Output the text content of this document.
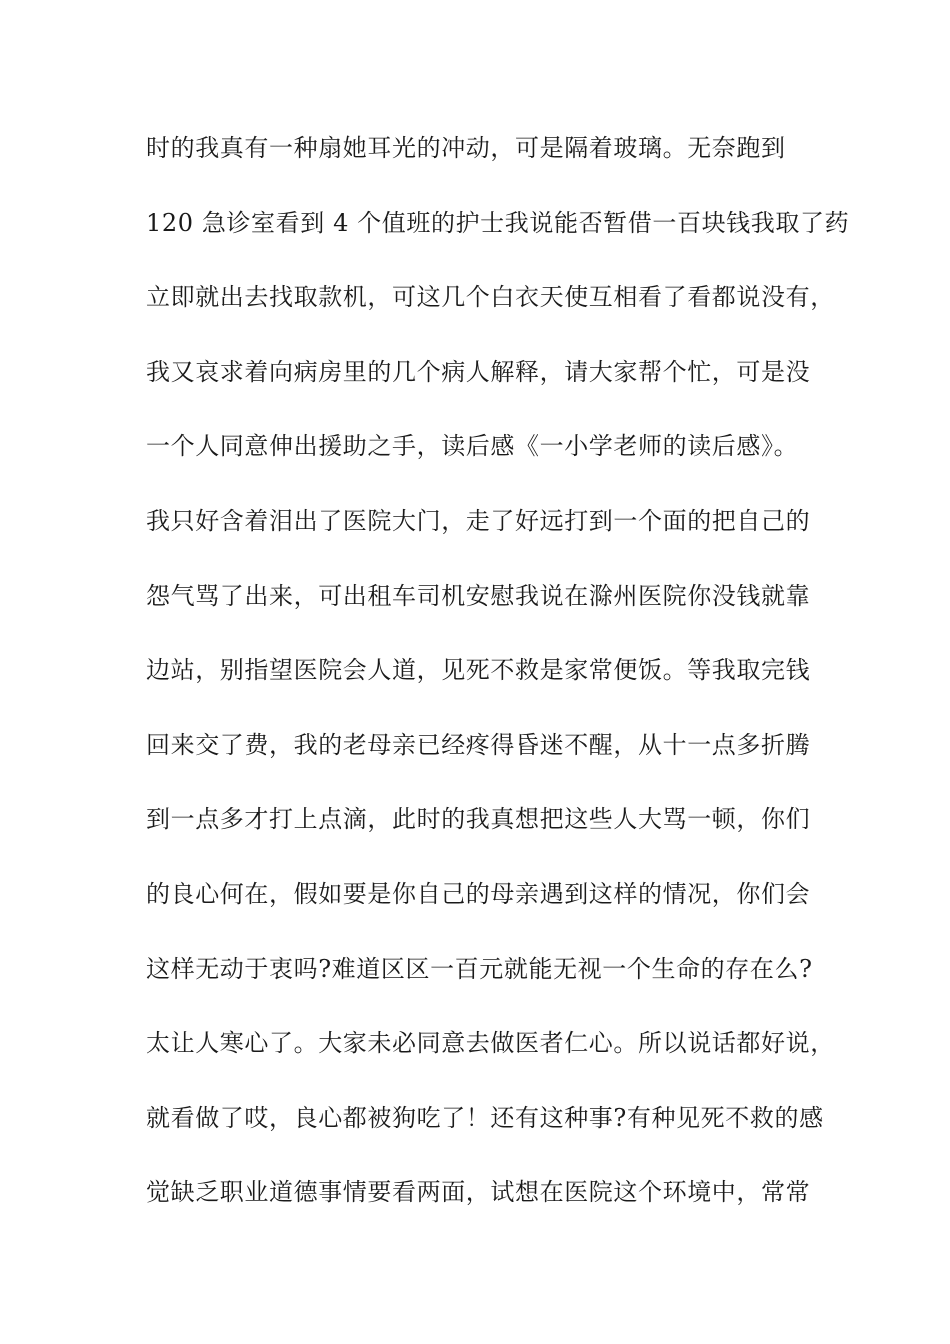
时的我真有一种扇她耳光的冲动，可是隔着玻璃。无奈跑到
120 急诊室看到 4 个值班的护士我说能否暂借一百块钱我取了药
立即就出去找取款机，可这几个白衣天使互相看了看都说没有，
我又哀求着向病房里的几个病人解释，请大家帮个忙，可是没
一个人同意伸出援助之手，读后感《一小学老师的读后感》。
我只好含着泪出了医院大门，走了好远打到一个面的把自己的
怨气骂了出来，可出租车司机安慰我说在滁州医院你没钱就靠
边站，别指望医院会人道，见死不救是家常便饭。等我取完钱
回来交了费，我的老母亲已经疼得昏迷不醒，从十一点多折腾
到一点多才打上点滴，此时的我真想把这些人大骂一顿，你们
的良心何在，假如要是你自己的母亲遇到这样的情况，你们会
这样无动于衷吗?难道区区一百元就能无视一个生命的存在么?
太让人寒心了。大家未必同意去做医者仁心。所以说话都好说，
就看做了哎，良心都被狗吃了！还有这种事?有种见死不救的感
觉缺乏职业道德事情要看两面，试想在医院这个环境中，常常
